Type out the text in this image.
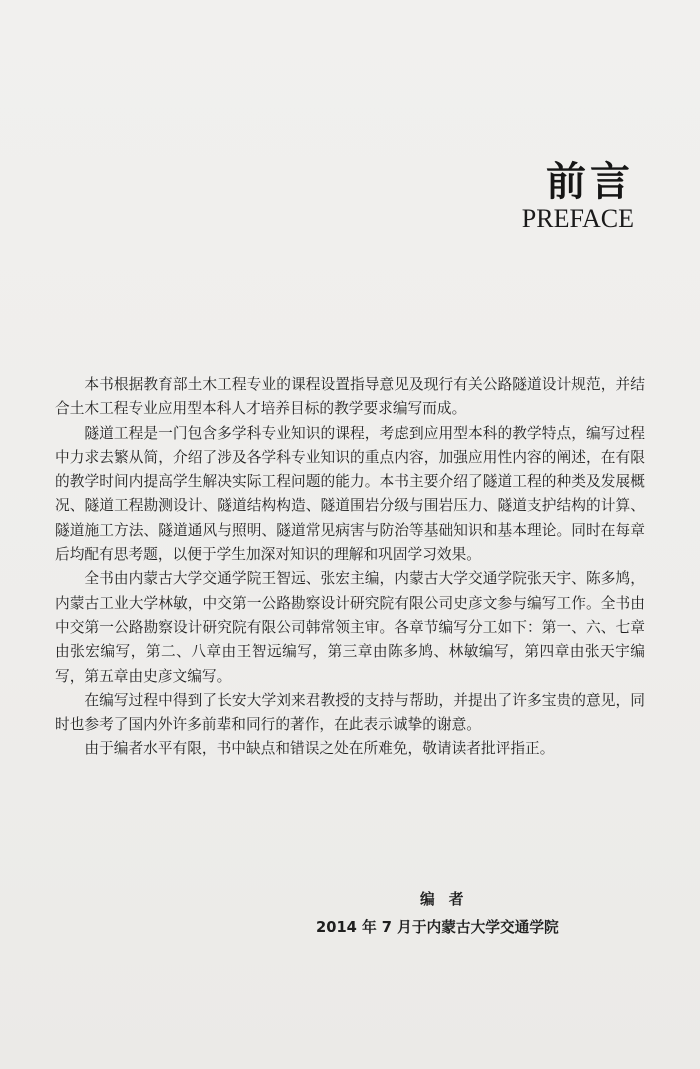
前言
PREFACE

本书根据教育部土木工程专业的课程设置指导意见及现行有关公路隧道设计规范，并结合土木工程专业应用型本科人才培养目标的教学要求编写而成。

隧道工程是一门包含多学科专业知识的课程，考虑到应用型本科的教学特点，编写过程中力求去繁从简，介绍了涉及各学科专业知识的重点内容，加强应用性内容的阐述，在有限的教学时间内提高学生解决实际工程问题的能力。本书主要介绍了隧道工程的种类及发展概况、隧道工程勘测设计、隧道结构构造、隧道围岩分级与围岩压力、隧道支护结构的计算、隧道施工方法、隧道通风与照明、隧道常见病害与防治等基础知识和基本理论。同时在每章后均配有思考题，以便于学生加深对知识的理解和巩固学习效果。

全书由内蒙古大学交通学院王智远、张宏主编，内蒙古大学交通学院张天宇、陈多鸠，内蒙古工业大学林敏，中交第一公路勘察设计研究院有限公司史彦文参与编写工作。全书由中交第一公路勘察设计研究院有限公司韩常领主审。各章节编写分工如下：第一、六、七章由张宏编写，第二、八章由王智远编写，第三章由陈多鸠、林敏编写，第四章由张天宇编写，第五章由史彦文编写。

在编写过程中得到了长安大学刘来君教授的支持与帮助，并提出了许多宝贵的意见，同时也参考了国内外许多前辈和同行的著作，在此表示诚挚的谢意。

由于编者水平有限，书中缺点和错误之处在所难免，敬请读者批评指正。

编者
2014 年 7 月于内蒙古大学交通学院
